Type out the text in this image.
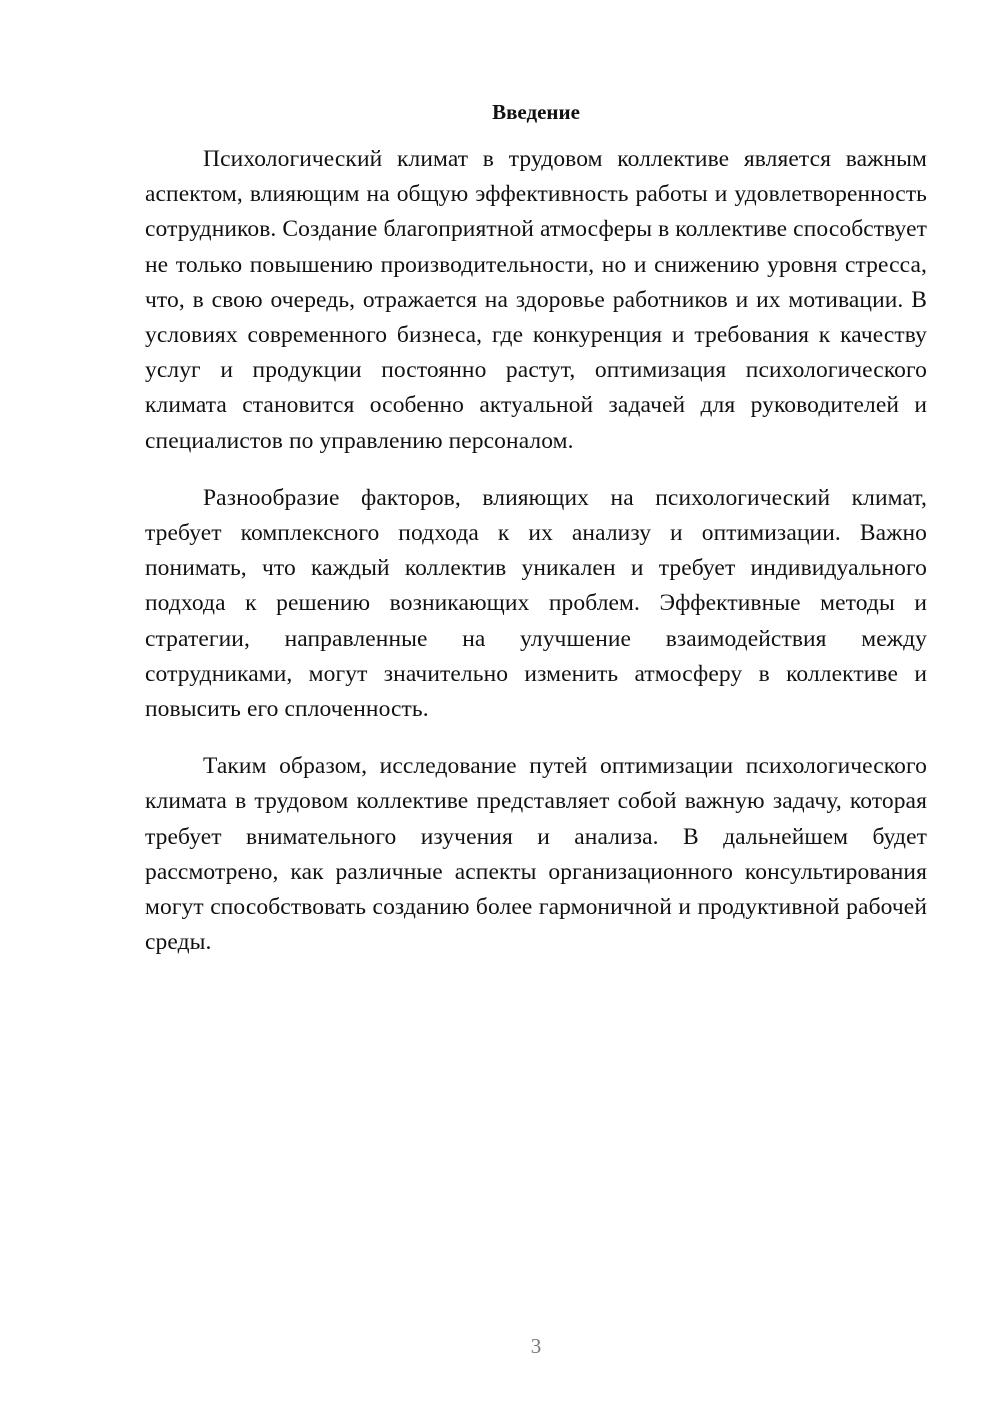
Введение

Психологический климат в трудовом коллективе является важным аспектом, влияющим на общую эффективность работы и удовлетворенность сотрудников. Создание благоприятной атмосферы в коллективе способствует не только повышению производительности, но и снижению уровня стресса, что, в свою очередь, отражается на здоровье работников и их мотивации. В условиях современного бизнеса, где конкуренция и требования к качеству услуг и продукции постоянно растут, оптимизация психологического климата становится особенно актуальной задачей для руководителей и специалистов по управлению персоналом.

Разнообразие факторов, влияющих на психологический климат, требует комплексного подхода к их анализу и оптимизации. Важно понимать, что каждый коллектив уникален и требует индивидуального подхода к решению возникающих проблем. Эффективные методы и стратегии, направленные на улучшение взаимодействия между сотрудниками, могут значительно изменить атмосферу в коллективе и повысить его сплоченность.

Таким образом, исследование путей оптимизации психологического климата в трудовом коллективе представляет собой важную задачу, которая требует внимательного изучения и анализа. В дальнейшем будет рассмотрено, как различные аспекты организационного консультирования могут способствовать созданию более гармоничной и продуктивной рабочей среды.

3
